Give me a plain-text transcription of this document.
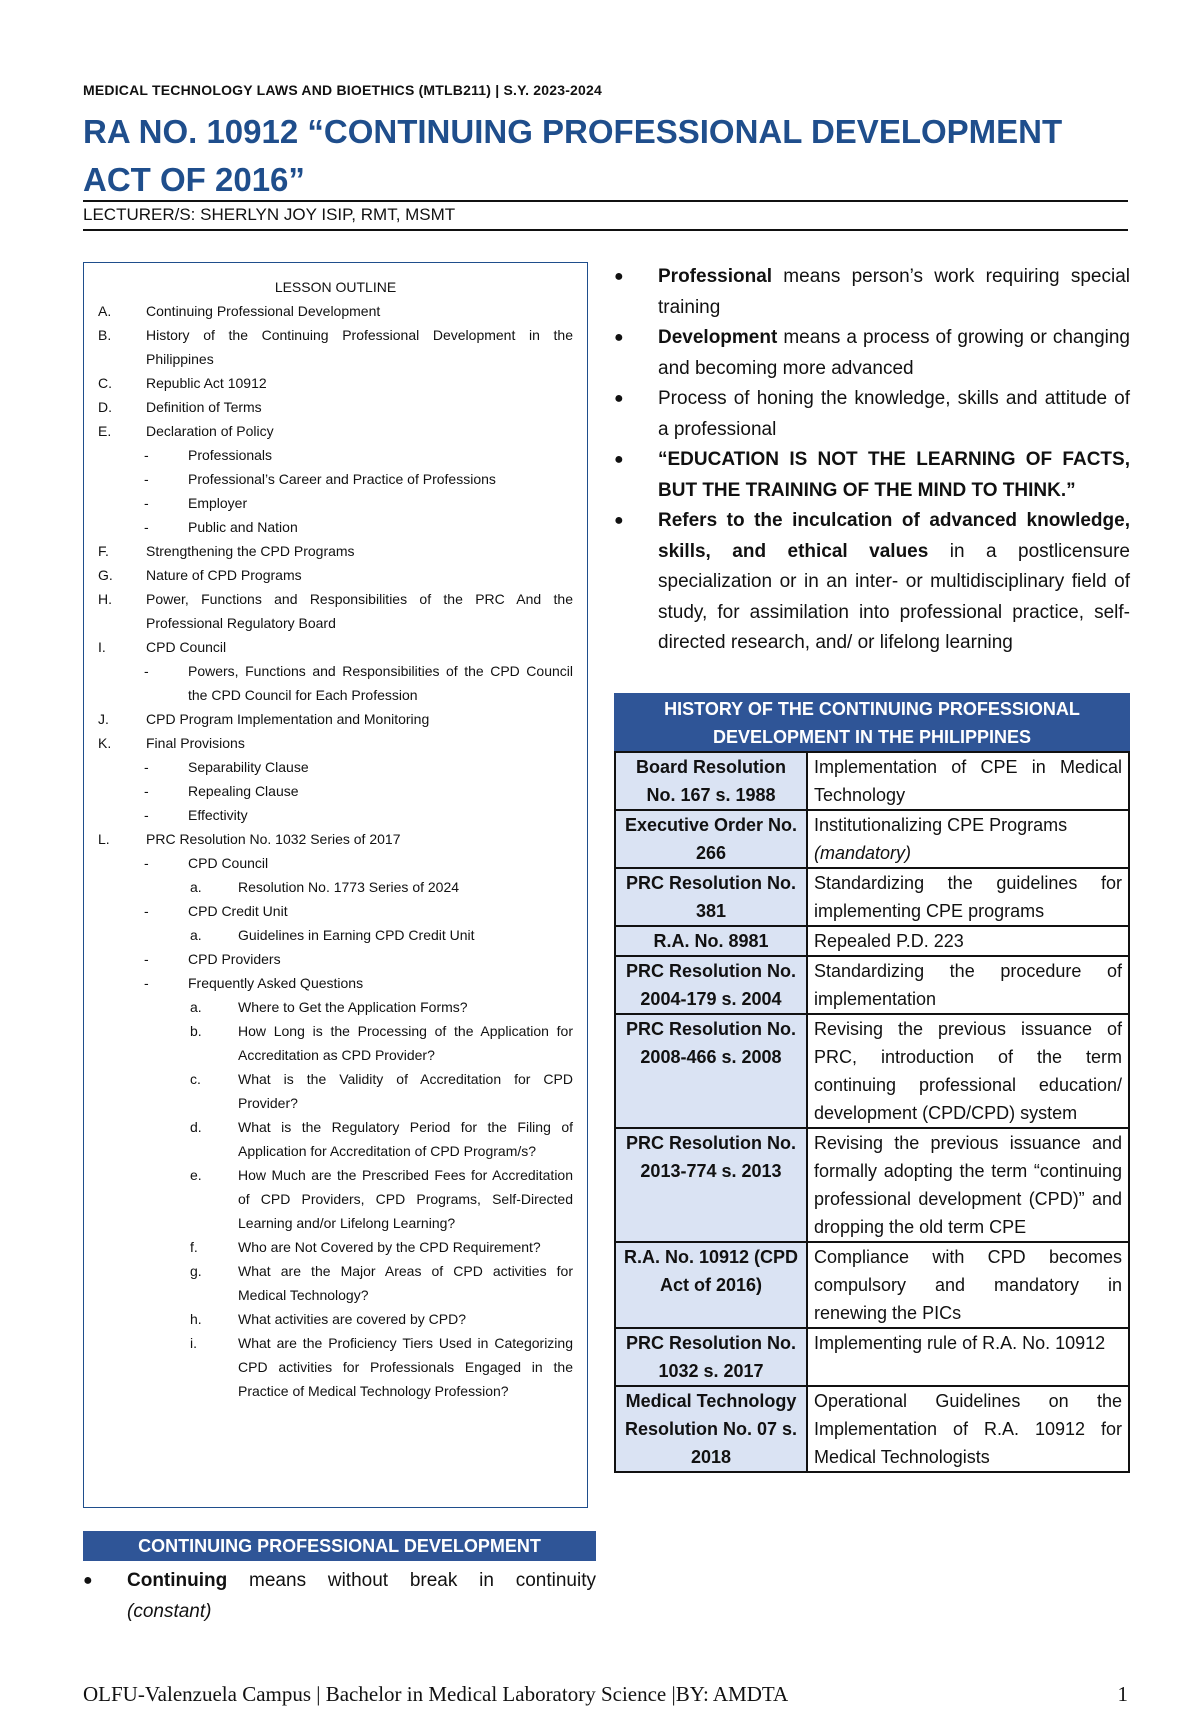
MEDICAL TECHNOLOGY LAWS AND BIOETHICS (MTLB211) | S.Y. 2023-2024
RA NO. 10912 “CONTINUING PROFESSIONAL DEVELOPMENT ACT OF 2016”
LECTURER/S: SHERLYN JOY ISIP, RMT, MSMT
LESSON OUTLINE
A.	Continuing Professional Development
B.	History of the Continuing Professional Development in the Philippines
C.	Republic Act 10912
D.	Definition of Terms
E.	Declaration of Policy
-	Professionals
-	Professional’s Career and Practice of Professions
-	Employer
-	Public and Nation
F.	Strengthening the CPD Programs
G.	Nature of CPD Programs
H.	Power, Functions and Responsibilities of the PRC And the Professional Regulatory Board
I.	CPD Council
-	Powers, Functions and Responsibilities of the CPD Council the CPD Council for Each Profession
J.	CPD Program Implementation and Monitoring
K.	Final Provisions
-	Separability Clause
-	Repealing Clause
-	Effectivity
L.	PRC Resolution No. 1032 Series of 2017
-	CPD Council
a.	Resolution No. 1773 Series of 2024
-	CPD Credit Unit
a.	Guidelines in Earning CPD Credit Unit
-	CPD Providers
-	Frequently Asked Questions
a.	Where to Get the Application Forms?
b.	How Long is the Processing of the Application for Accreditation as CPD Provider?
c.	What is the Validity of Accreditation for CPD Provider?
d.	What is the Regulatory Period for the Filing of Application for Accreditation of CPD Program/s?
e.	How Much are the Prescribed Fees for Accreditation of CPD Providers, CPD Programs, Self-Directed Learning and/or Lifelong Learning?
f.	Who are Not Covered by the CPD Requirement?
g.	What are the Major Areas of CPD activities for Medical Technology?
h.	What activities are covered by CPD?
i.	What are the Proficiency Tiers Used in Categorizing CPD activities for Professionals Engaged in the Practice of Medical Technology Profession?
CONTINUING PROFESSIONAL DEVELOPMENT
●	Continuing means without break in continuity (constant)
●	Professional means person’s work requiring special training
●	Development means a process of growing or changing and becoming more advanced
●	Process of honing the knowledge, skills and attitude of a professional
●	“EDUCATION IS NOT THE LEARNING OF FACTS, BUT THE TRAINING OF THE MIND TO THINK.”
●	Refers to the inculcation of advanced knowledge, skills, and ethical values in a postlicensure specialization or in an inter- or multidisciplinary field of study, for assimilation into professional practice, self-directed research, and/ or lifelong learning
HISTORY OF THE CONTINUING PROFESSIONAL DEVELOPMENT IN THE PHILIPPINES
Board Resolution No. 167 s. 1988	Implementation of CPE in Medical Technology
Executive Order No. 266	Institutionalizing CPE Programs
(mandatory)
PRC Resolution No. 381	Standardizing the guidelines for implementing CPE programs
R.A. No. 8981	Repealed P.D. 223
PRC Resolution No. 2004-179 s. 2004	Standardizing the procedure of implementation
PRC Resolution No. 2008-466 s. 2008	Revising the previous issuance of PRC, introduction of the term continuing professional education/ development (CPD/CPD) system
PRC Resolution No. 2013-774 s. 2013	Revising the previous issuance and formally adopting the term “continuing professional development (CPD)” and dropping the old term CPE
R.A. No. 10912 (CPD Act of 2016)	Compliance with CPD becomes compulsory and mandatory in renewing the PICs
PRC Resolution No. 1032 s. 2017	Implementing rule of R.A. No. 10912
Medical Technology Resolution No. 07 s. 2018	Operational Guidelines on the Implementation of R.A. 10912 for Medical Technologists
OLFU-Valenzuela Campus | Bachelor in Medical Laboratory Science |BY: AMDTA	1
